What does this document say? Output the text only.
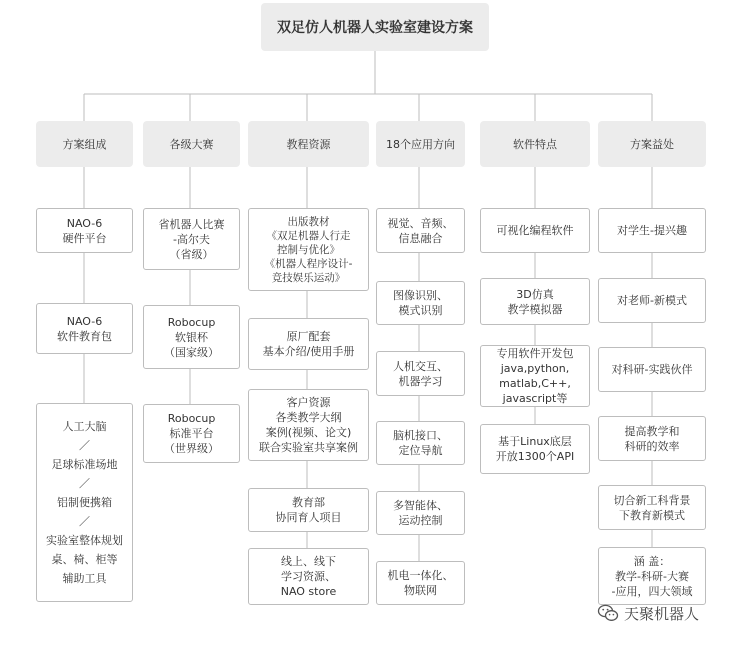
双足仿人机器人实验室建设方案
方案组成
NAO-6
硬件平台
NAO-6
软件教育包
人工大脑
／
足球标准场地
／
铝制便携箱
／
实验室整体规划
桌、椅、柜等
辅助工具
各级大赛
省机器人比赛
-高尔夫
（省级）
Robocup
软银杯
（国家级）
Robocup
标准平台
（世界级）
教程资源
出版教材
《双足机器人行走
控制与优化》
《机器人程序设计-
竞技娱乐运动》
原厂配套
基本介绍/使用手册
客户资源
各类教学大纲
案例(视频、论文)
联合实验室共享案例
教育部
协同育人项目
线上、线下
学习资源、
NAO store
18个应用方向
视觉、音频、
信息融合
图像识别、
模式识别
人机交互、
机器学习
脑机接口、
定位导航
多智能体、
运动控制
机电一体化、
物联网
软件特点
可视化编程软件
3D仿真
教学模拟器
专用软件开发包
java,python,
matlab,C++,
javascript等
基于Linux底层
开放1300个API
方案益处
对学生-提兴趣
对老师-新模式
对科研-实践伙伴
提高教学和
科研的效率
切合新工科背景
下教育新模式
涵 盖：
教学-科研-大赛
-应用，四大领域
天聚机器人
